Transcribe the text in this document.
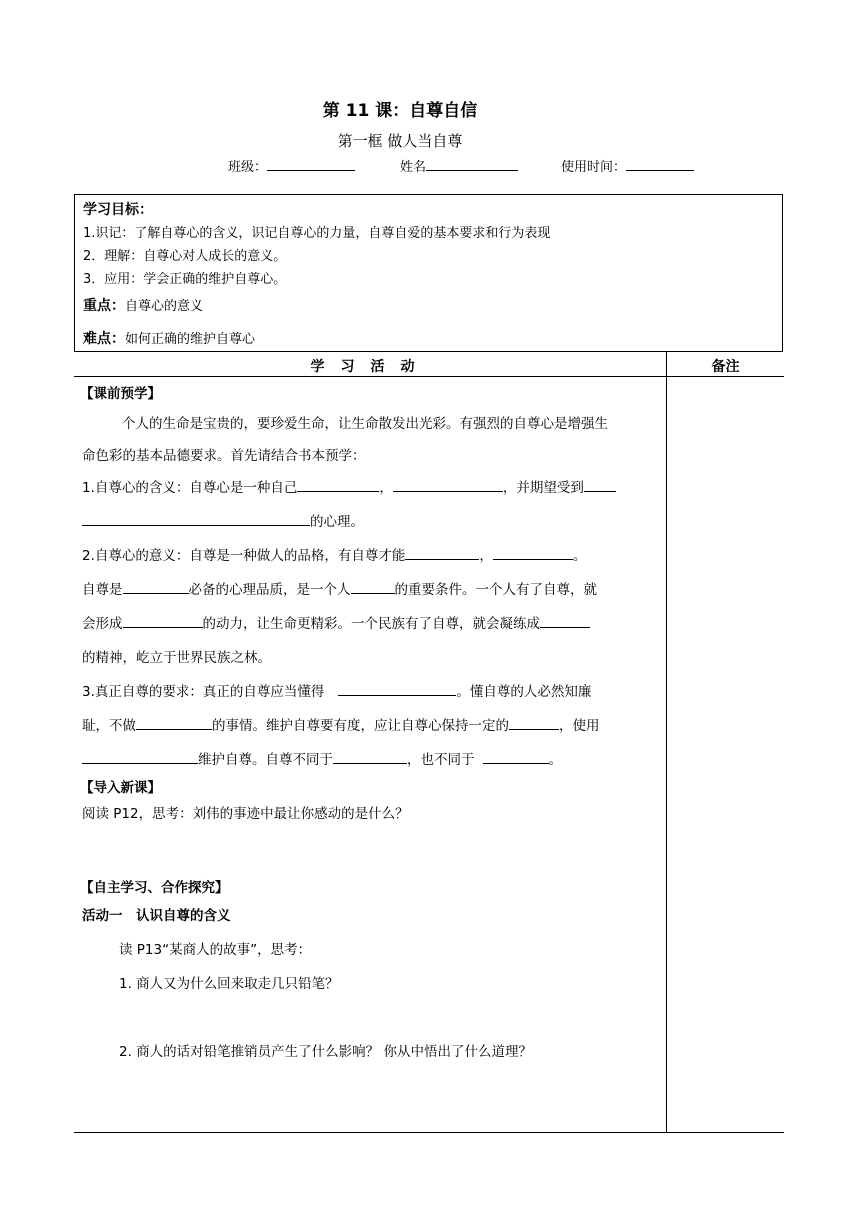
第 11 课：自尊自信
第一框 做人当自尊
班级：	姓名	使用时间：
学习目标：
1.识记：了解自尊心的含义，识记自尊心的力量，自尊自爱的基本要求和行为表现
2．理解：自尊心对人成长的意义。
3．应用：学会正确的维护自尊心。
重点：自尊心的意义
难点：如何正确的维护自尊心
学习活动	备注
【课前预学】
个人的生命是宝贵的，要珍爱生命，让生命散发出光彩。有强烈的自尊心是增强生
命色彩的基本品德要求。首先请结合书本预学：
1.自尊心的含义：自尊心是一种自己	，	，并期望受到
的心理。
2.自尊心的意义：自尊是一种做人的品格，有自尊才能	，	。
自尊是	必备的心理品质，是一个人	的重要条件。一个人有了自尊，就
会形成	的动力，让生命更精彩。一个民族有了自尊，就会凝练成
的精神，屹立于世界民族之林。
3.真正自尊的要求：真正的自尊应当懂得	。懂自尊的人必然知廉
耻，不做	的事情。维护自尊要有度，应让自尊心保持一定的	，使用
维护自尊。自尊不同于	，也不同于	。
【导入新课】
阅读 P12，思考：刘伟的事迹中最让你感动的是什么？
【自主学习、合作探究】
活动一　认识自尊的含义
读 P13“某商人的故事”，思考：
1. 商人又为什么回来取走几只铅笔？
2. 商人的话对铅笔推销员产生了什么影响？ 你从中悟出了什么道理？
